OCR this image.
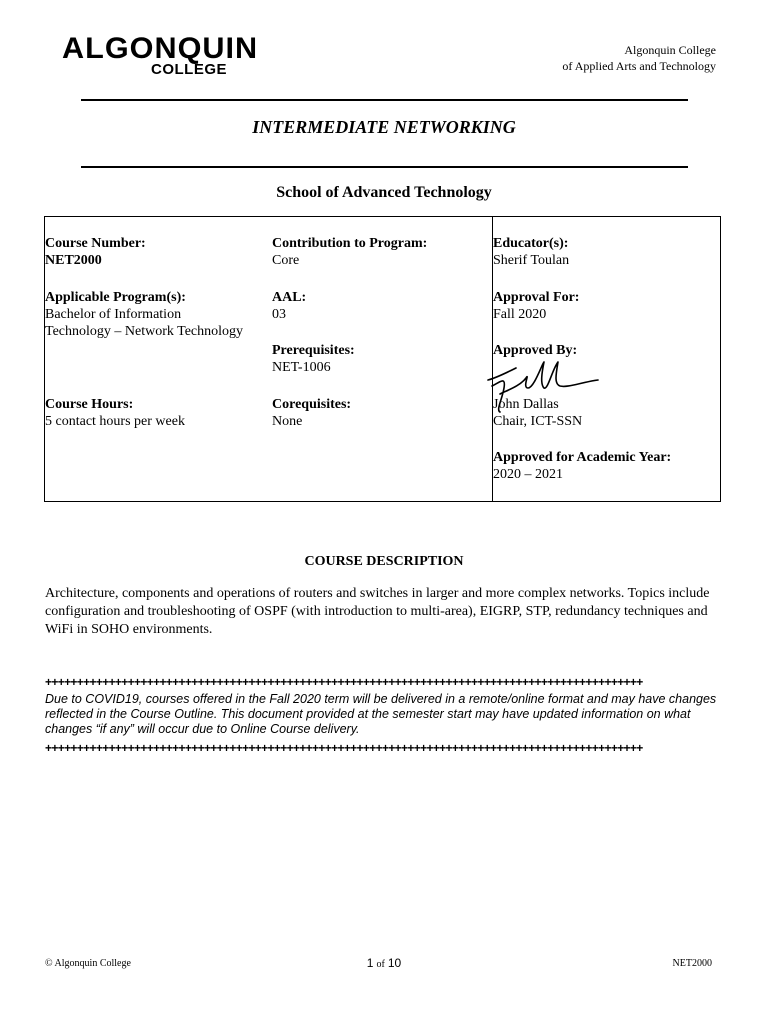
ALGONQUIN
COLLEGE
Algonquin College
of Applied Arts and Technology
INTERMEDIATE NETWORKING
School of Advanced Technology
Course Number:
NET2000
Applicable Program(s):
Bachelor of Information
Technology – Network Technology
Course Hours:
5 contact hours per week
Contribution to Program:
Core
AAL:
03
Prerequisites:
NET-1006
Corequisites:
None
Educator(s):
Sherif Toulan
Approval For:
Fall 2020
Approved By:
John Dallas
Chair, ICT-SSN
Approved for Academic Year:
2020 – 2021
COURSE DESCRIPTION
Architecture, components and operations of routers and switches in larger and more complex networks. Topics include configuration and troubleshooting of OSPF (with introduction to multi-area), EIGRP, STP, redundancy techniques and WiFi in SOHO environments.
++++++++++++++++++++++++++++++++++++++++++++++++++++++++++++++++++++++++++++++++++++++++++++++
Due to COVID19, courses offered in the Fall 2020 term will be delivered in a remote/online format and may have changes reflected in the Course Outline. This document provided at the semester start may have updated information on what changes “if any” will occur due to Online Course delivery.
++++++++++++++++++++++++++++++++++++++++++++++++++++++++++++++++++++++++++++++++++++++++++++++
© Algonquin College	1 of 10	NET2000
